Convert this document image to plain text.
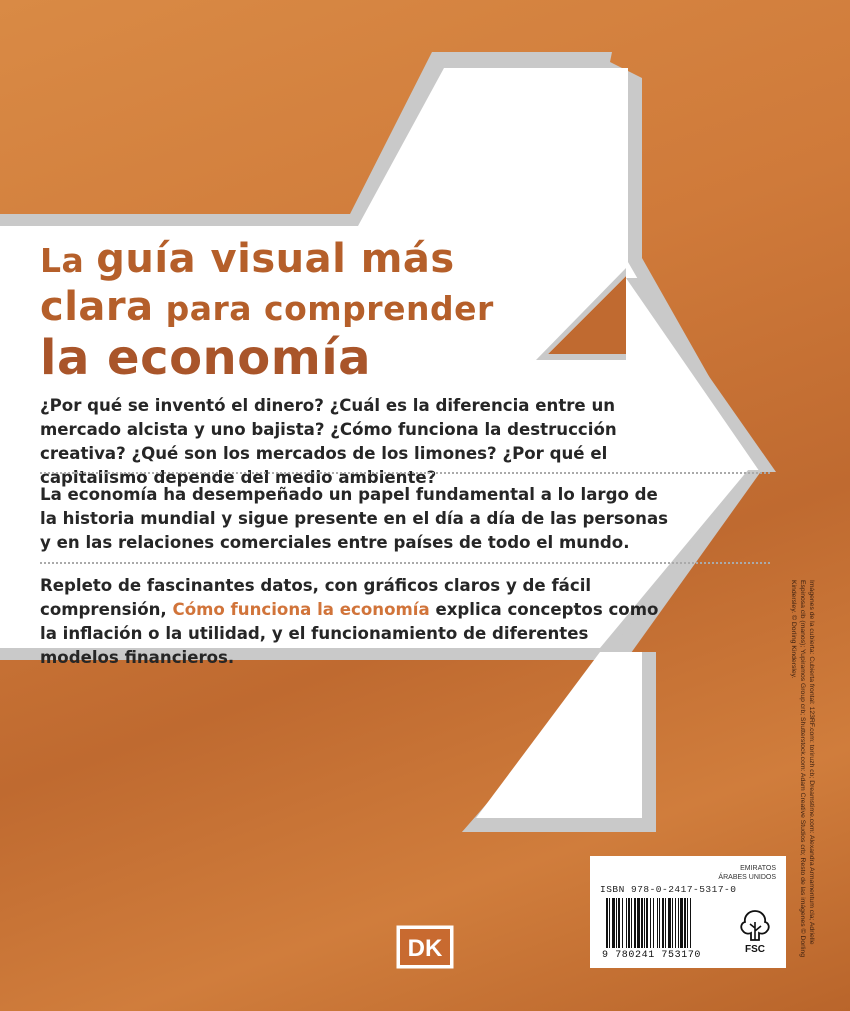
La guía visual más
clara para comprender
la economía
¿Por qué se inventó el dinero? ¿Cuál es la diferencia entre un mercado alcista y uno bajista? ¿Cómo funciona la destrucción creativa? ¿Qué son los mercados de los limones? ¿Por qué el capitalismo depende del medio ambiente?
La economía ha desempeñado un papel fundamental a lo largo de la historia mundial y sigue presente en el día a día de las personas y en las relaciones comerciales entre países de todo el mundo.
Repleto de fascinantes datos, con gráficos claros y de fácil comprensión, Cómo funciona la economía explica conceptos como la inflación o la utilidad, y el funcionamiento de diferentes modelos financieros.	Imágenes de la cubierta: Cubierta frontal: 123RF.com: toriruzh cb; Dreamstime.com: Alexandra Armamentum cla; Adrielle Espinosa clb (manos); Yupiramos Group crb; Shutterstock.com: Adam Creative Studios crb; Resto de las imágenes © Dorling Kindersley. © Dorling Kindersley.
DK
EMIRATOS
ÁRABES UNIDOS
ISBN 978-0-2417-5317-0
9 780241 753170
FSC
